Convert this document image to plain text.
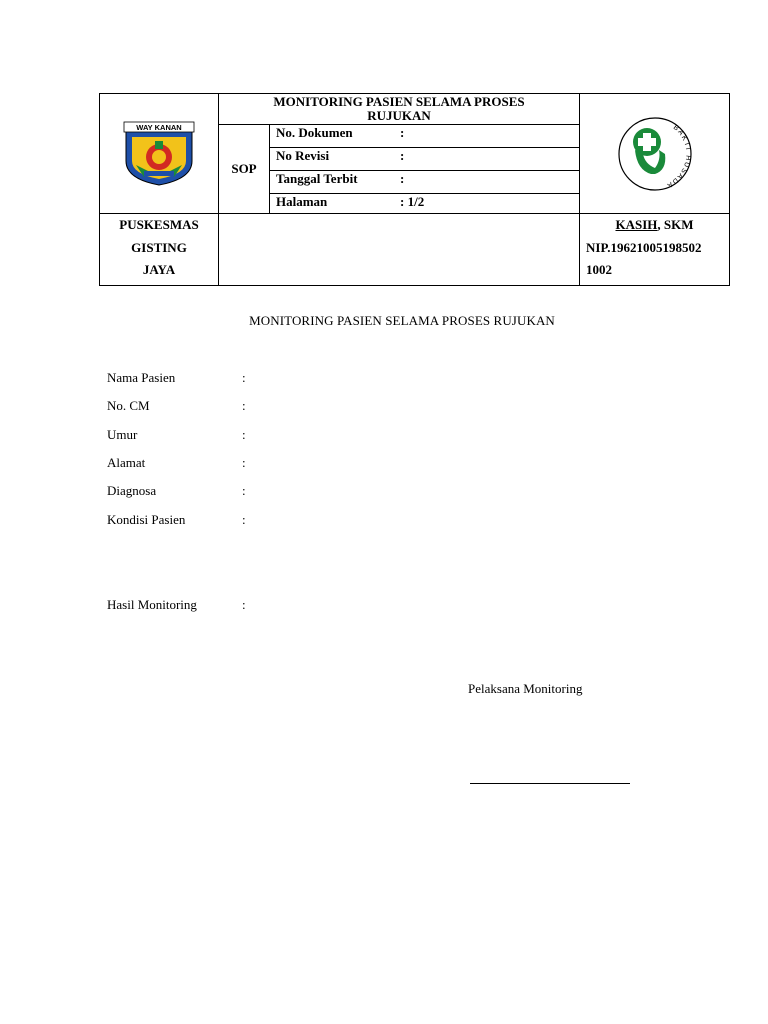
WAY KANAN
MONITORING PASIEN SELAMA PROSES
RUJUKAN
SOP
No. Dokumen	:
No Revisi	:
Tanggal Terbit	:
Halaman	: 1/2
BAKTI HUSADA
PUSKESMAS
GISTING
JAYA
KASIH, SKM
NIP.19621005198502
1002
MONITORING PASIEN SELAMA PROSES RUJUKAN
Nama Pasien	:
No. CM	:
Umur	:
Alamat	:
Diagnosa	:
Kondisi Pasien	:
Hasil Monitoring	:
Pelaksana Monitoring
